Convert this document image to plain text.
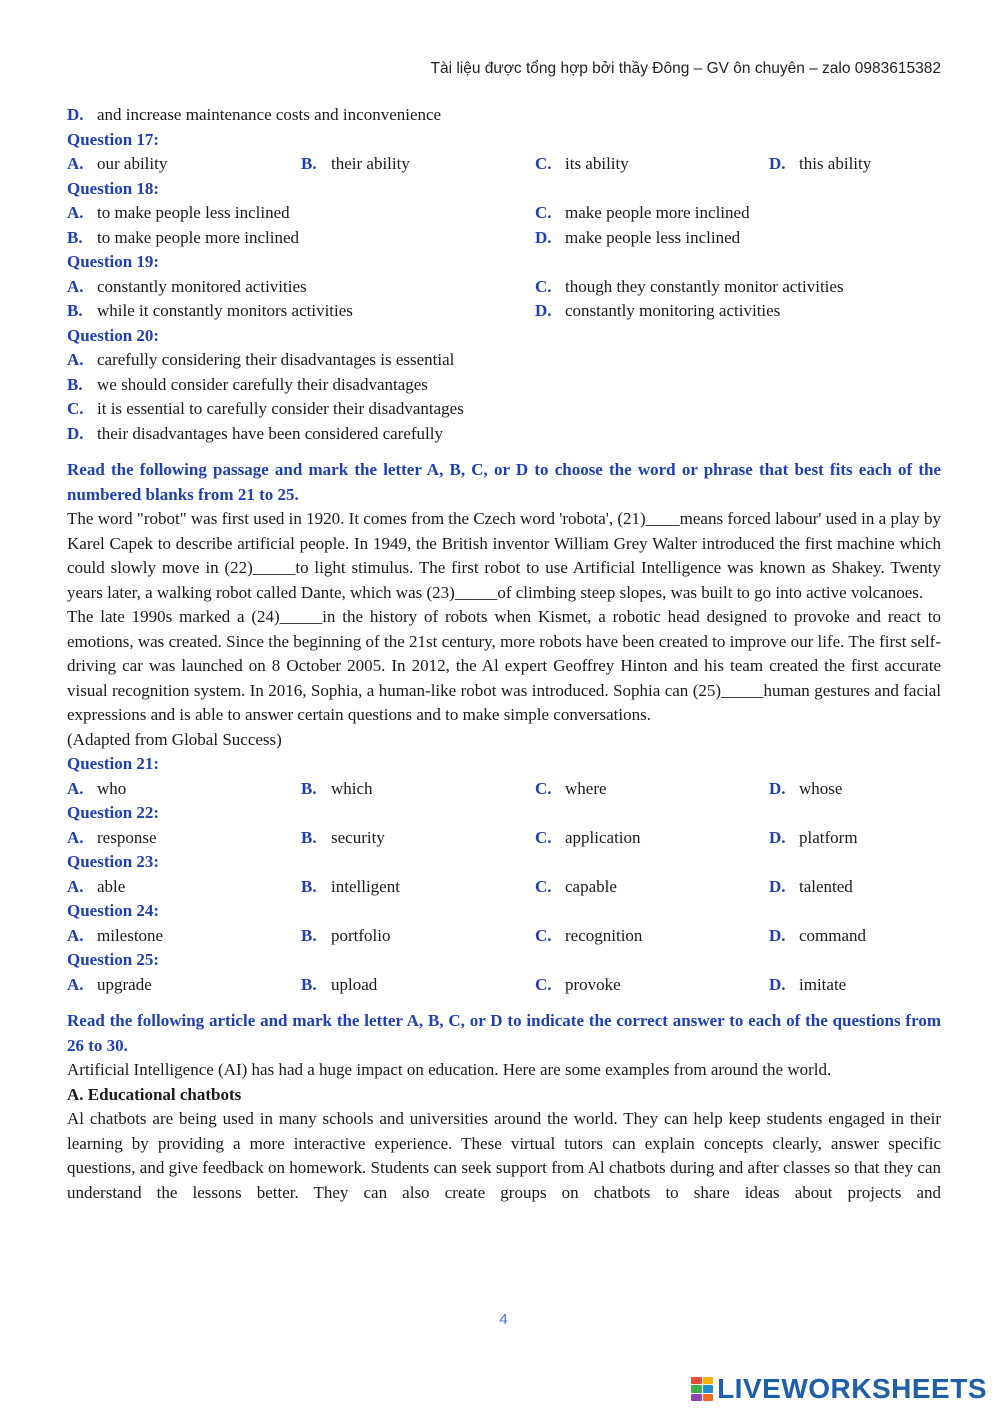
Tài liệu được tổng hợp bởi thầy Đông – GV ôn chuyên – zalo 0983615382
D. and increase maintenance costs and inconvenience
Question 17:
A. our ability	B. their ability	C. its ability	D. this ability
Question 18:
A. to make people less inclined	C. make people more inclined
B. to make people more inclined	D. make people less inclined
Question 19:
A. constantly monitored activities	C. though they constantly monitor activities
B. while it constantly monitors activities	D. constantly monitoring activities
Question 20:
A. carefully considering their disadvantages is essential
B. we should consider carefully their disadvantages
C. it is essential to carefully consider their disadvantages
D. their disadvantages have been considered carefully
Read the following passage and mark the letter A, B, C, or D to choose the word or phrase that best fits each of the numbered blanks from 21 to 25.
The word "robot" was first used in 1920. It comes from the Czech word 'robota', (21)____means forced labour' used in a play by Karel Capek to describe artificial people. In 1949, the British inventor William Grey Walter introduced the first machine which could slowly move in (22)_____to light stimulus. The first robot to use Artificial Intelligence was known as Shakey. Twenty years later, a walking robot called Dante, which was (23)_____of climbing steep slopes, was built to go into active volcanoes.
The late 1990s marked a (24)_____in the history of robots when Kismet, a robotic head designed to provoke and react to emotions, was created. Since the beginning of the 21st century, more robots have been created to improve our life. The first self-driving car was launched on 8 October 2005. In 2012, the Al expert Geoffrey Hinton and his team created the first accurate visual recognition system. In 2016, Sophia, a human-like robot was introduced. Sophia can (25)_____human gestures and facial expressions and is able to answer certain questions and to make simple conversations.
(Adapted from Global Success)
Question 21:
A. who	B. which	C. where	D. whose
Question 22:
A. response	B. security	C. application	D. platform
Question 23:
A. able	B. intelligent	C. capable	D. talented
Question 24:
A. milestone	B. portfolio	C. recognition	D. command
Question 25:
A. upgrade	B. upload	C. provoke	D. imitate
Read the following article and mark the letter A, B, C, or D to indicate the correct answer to each of the questions from 26 to 30.
Artificial Intelligence (AI) has had a huge impact on education. Here are some examples from around the world.
A. Educational chatbots
Al chatbots are being used in many schools and universities around the world. They can help keep students engaged in their learning by providing a more interactive experience. These virtual tutors can explain concepts clearly, answer specific questions, and give feedback on homework. Students can seek support from Al chatbots during and after classes so that they can understand the lessons better. They can also create groups on chatbots to share ideas about projects and
4
LIVEWORKSHEETS
